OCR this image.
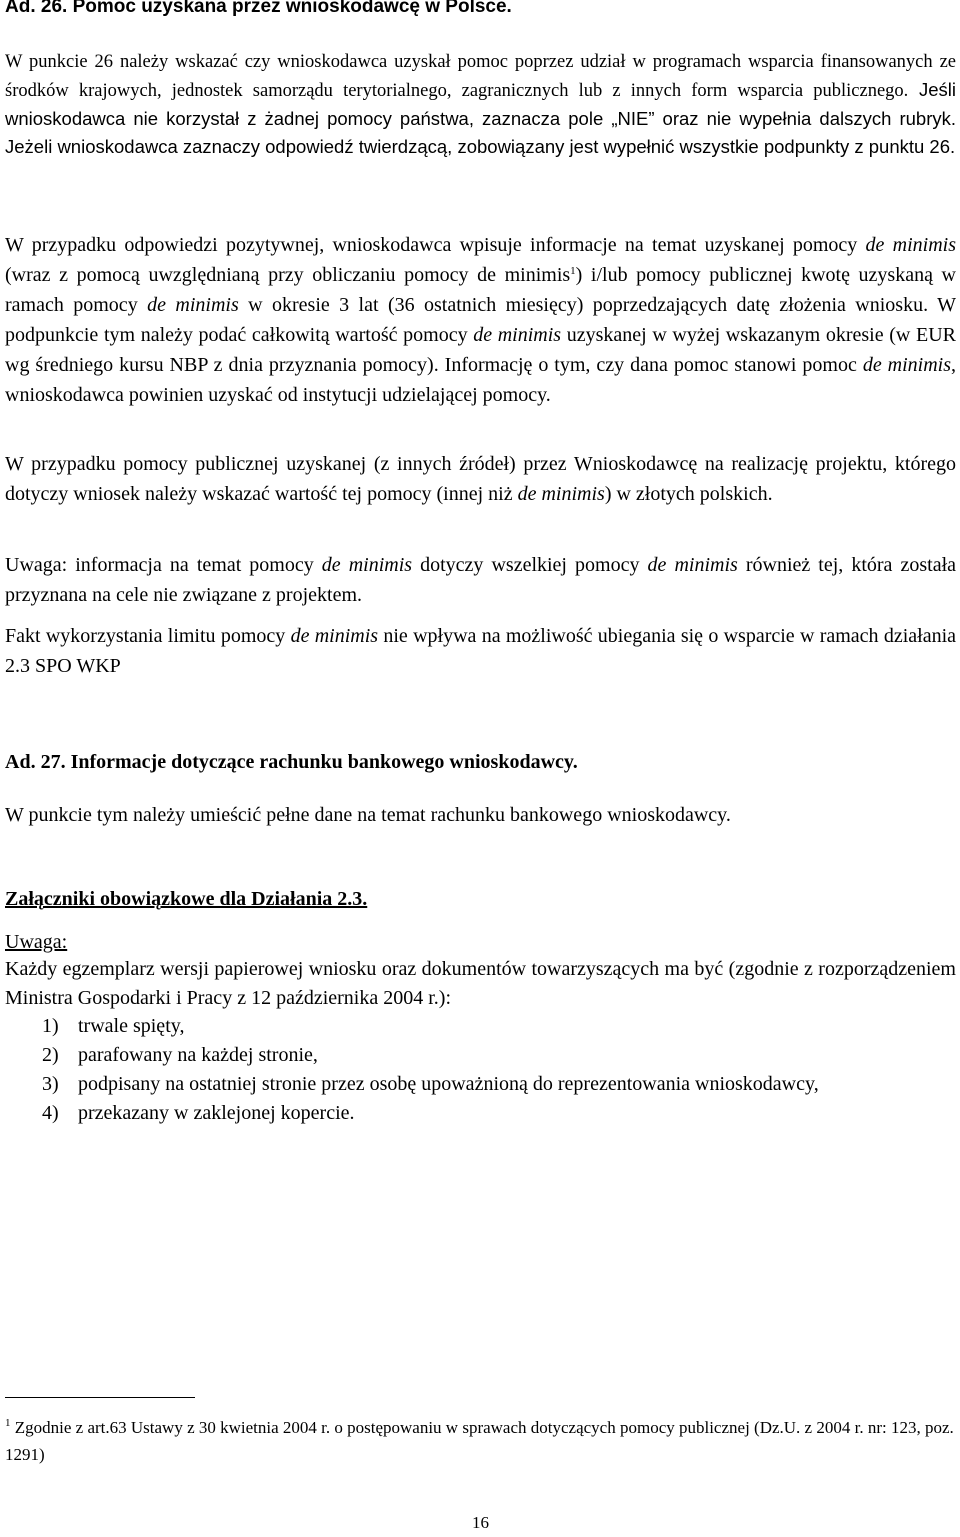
Ad. 26. Pomoc uzyskana przez wnioskodawcę w Polsce.
W punkcie 26 należy wskazać czy wnioskodawca uzyskał pomoc poprzez udział w programach wsparcia finansowanych ze środków krajowych, jednostek samorządu terytorialnego, zagranicznych lub z innych form wsparcia publicznego. Jeśli wnioskodawca nie korzystał z żadnej pomocy państwa, zaznacza pole „NIE” oraz nie wypełnia dalszych rubryk. Jeżeli wnioskodawca zaznaczy odpowiedź twierdzącą, zobowiązany jest wypełnić wszystkie podpunkty z punktu 26.
W przypadku odpowiedzi pozytywnej, wnioskodawca wpisuje informacje na temat uzyskanej pomocy de minimis (wraz z pomocą uwzględnianą przy obliczaniu pomocy de minimis$^1$) i/lub pomocy publicznej kwotę uzyskaną w ramach pomocy de minimis w okresie 3 lat (36 ostatnich miesięcy) poprzedzających datę złożenia wniosku. W podpunkcie tym należy podać całkowitą wartość pomocy de minimis uzyskanej w wyżej wskazanym okresie (w EUR wg średniego kursu NBP z dnia przyznania pomocy). Informację o tym, czy dana pomoc stanowi pomoc de minimis, wnioskodawca powinien uzyskać od instytucji udzielającej pomocy.
W przypadku pomocy publicznej uzyskanej (z innych źródeł) przez Wnioskodawcę na realizację projektu, którego dotyczy wniosek należy wskazać wartość tej pomocy (innej niż de minimis) w złotych polskich.
Uwaga: informacja na temat pomocy de minimis dotyczy wszelkiej pomocy de minimis również tej, która została przyznana na cele nie związane z projektem.
Fakt wykorzystania limitu pomocy de minimis nie wpływa na możliwość ubiegania się o wsparcie w ramach działania 2.3 SPO WKP
Ad. 27. Informacje dotyczące rachunku bankowego wnioskodawcy.
W punkcie tym należy umieścić pełne dane na temat rachunku bankowego wnioskodawcy.
Załączniki obowiązkowe dla Działania 2.3.
Uwaga:
Każdy egzemplarz wersji papierowej wniosku oraz dokumentów towarzyszących ma być (zgodnie z rozporządzeniem Ministra Gospodarki i Pracy z 12 października 2004 r.):
1) trwale spięty,
2) parafowany na każdej stronie,
3) podpisany na ostatniej stronie przez osobę upoważnioną do reprezentowania wnioskodawcy,
4) przekazany w zaklejonej kopercie.
$^1$ Zgodnie z art.63 Ustawy z 30 kwietnia 2004 r. o postępowaniu w sprawach dotyczących pomocy publicznej (Dz.U. z 2004 r. nr: 123, poz. 1291)
16
